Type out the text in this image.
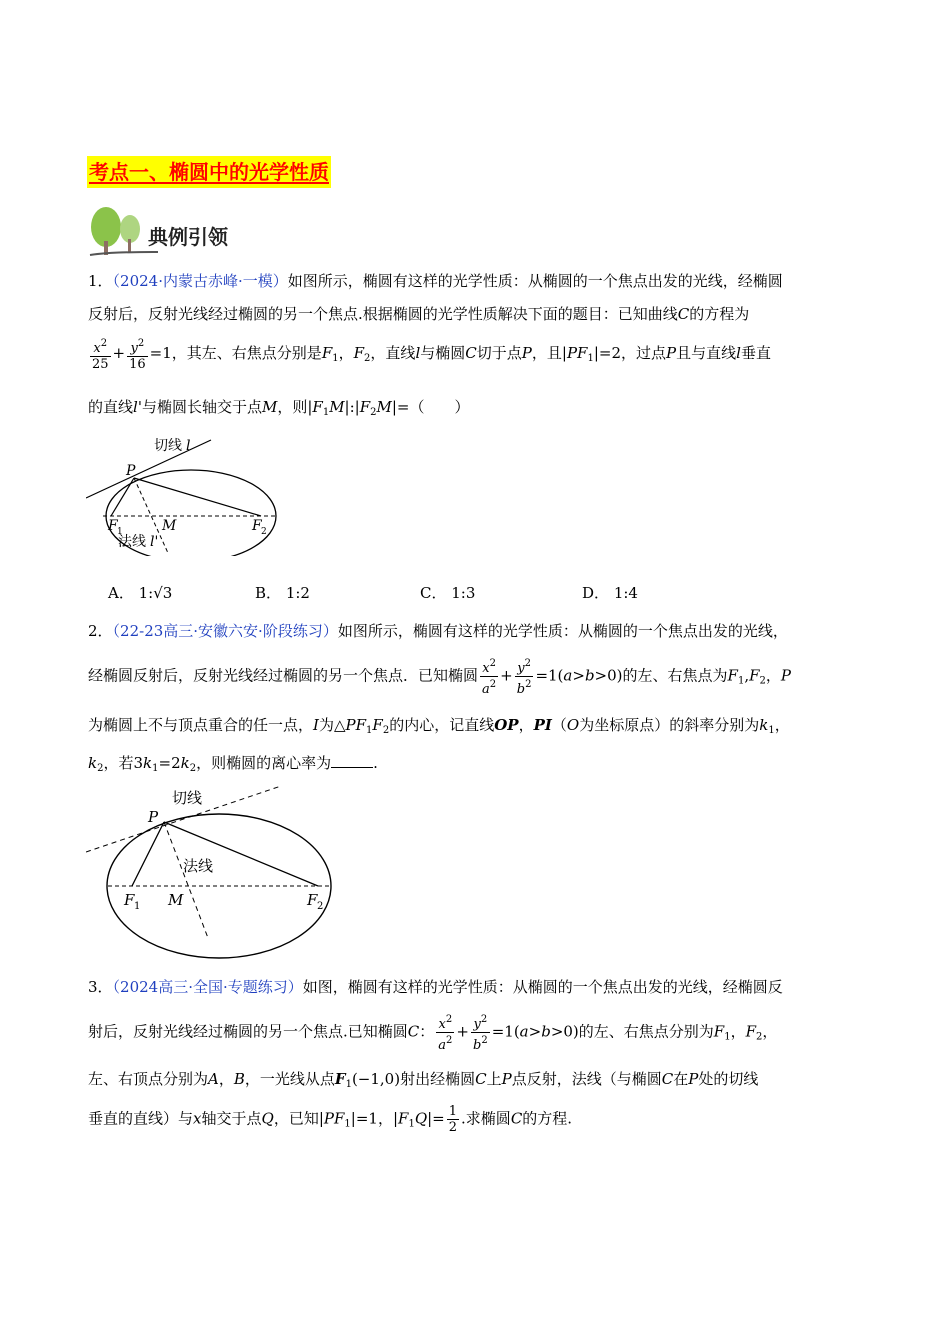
考点一、椭圆中的光学性质
典例引领
1．（2024·内蒙古赤峰·一模）如图所示，椭圆有这样的光学性质：从椭圆的一个焦点出发的光线，经椭圆
反射后，反射光线经过椭圆的另一个焦点.根据椭圆的光学性质解决下面的题目：已知曲线C的方程为
$\frac{x^2}{25} + \frac{y^2}{16} =1$，其左、右焦点分别是$F_1$，$F_2$，直线l与椭圆C切于点P，且$|PF_1|=2$，过点P且与直线l垂直
的直线l'与椭圆长轴交于点M，则$|F_1M|:|F_2M|=$（　　）
切线 l
P
F 1	F 2
M
法线 l'
A． 1:√3	B． 1:2	C． 1:3	D． 1:4
2．（22-23高三·安徽六安·阶段练习）如图所示，椭圆有这样的光学性质：从椭圆的一个焦点出发的光线，
经椭圆反射后，反射光线经过椭圆的另一个焦点．已知椭圆 $\frac{x^2}{a^2} + \frac{y^2}{b^2} =1(a>b>0)$的左、右焦点为$F_1,F_2$，P
为椭圆上不与顶点重合的任一点，I为$\triangle PF_1F_2$的内心，记直线OP，PI（O为坐标原点）的斜率分别为$k_1$，
$k_2$，若$3k_1=2k_2$，则椭圆的离心率为	.
切线
P
法线
F 1 M	F 2
3．（2024高三·全国·专题练习）如图，椭圆有这样的光学性质：从椭圆的一个焦点出发的光线，经椭圆反
射后，反射光线经过椭圆的另一个焦点.已知椭圆C： $\frac{x^2}{a^2} + \frac{y^2}{b^2} =1(a>b>0)$的左、右焦点分别为$F_1$，$F_2$，
左、右顶点分别为A，B，一光线从点$F_1(-1,0)$射出经椭圆C上P点反射，法线（与椭圆C在P处的切线
垂直的直线）与x轴交于点Q，已知$|PF_1|=1$，$|F_1Q|= \frac{1}{2}$ .求椭圆C的方程.
